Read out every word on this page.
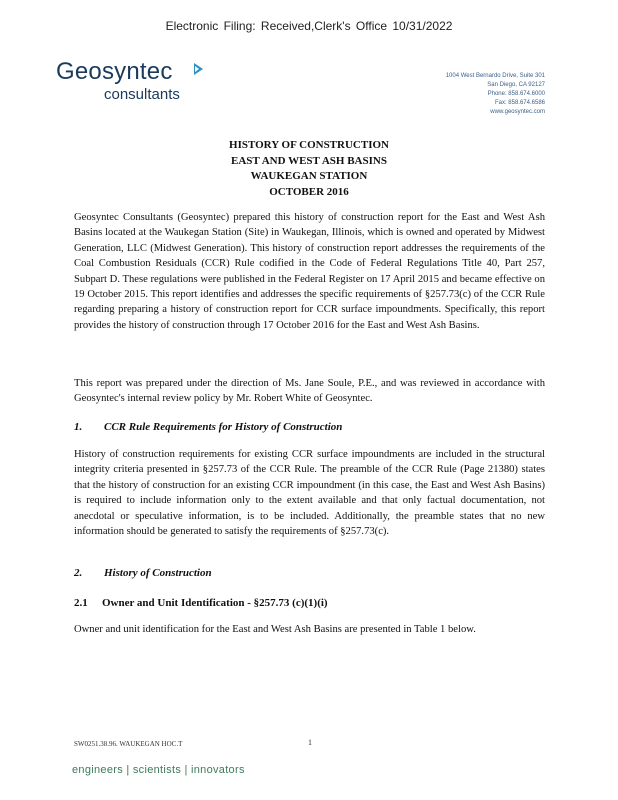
Electronic Filing: Received,Clerk's Office 10/31/2022
Geosyntec
consultants
1004 West Bernardo Drive, Suite 301
San Diego, CA 92127
Phone: 858.674.6000
Fax: 858.674.6586
www.geosyntec.com
HISTORY OF CONSTRUCTION
EAST AND WEST ASH BASINS
WAUKEGAN STATION
OCTOBER 2016

Geosyntec Consultants (Geosyntec) prepared this history of construction report for the East and West Ash Basins located at the Waukegan Station (Site) in Waukegan, Illinois, which is owned and operated by Midwest Generation, LLC (Midwest Generation). This history of construction report addresses the requirements of the Coal Combustion Residuals (CCR) Rule codified in the Code of Federal Regulations Title 40, Part 257, Subpart D. These regulations were published in the Federal Register on 17 April 2015 and became effective on 19 October 2015. This report identifies and addresses the specific requirements of §257.73(c) of the CCR Rule regarding preparing a history of construction report for CCR surface impoundments. Specifically, this report provides the history of construction through 17 October 2016 for the East and West Ash Basins.

This report was prepared under the direction of Ms. Jane Soule, P.E., and was reviewed in accordance with Geosyntec's internal review policy by Mr. Robert White of Geosyntec.

1. CCR Rule Requirements for History of Construction

History of construction requirements for existing CCR surface impoundments are included in the structural integrity criteria presented in §257.73 of the CCR Rule. The preamble of the CCR Rule (Page 21380) states that the history of construction for an existing CCR impoundment (in this case, the East and West Ash Basins) is required to include information only to the extent available and that only factual documentation, not anecdotal or speculative information, is to be included. Additionally, the preamble states that no new information should be generated to satisfy the requirements of §257.73(c).

2. History of Construction
2.1 Owner and Unit Identification - §257.73 (c)(1)(i)

Owner and unit identification for the East and West Ash Basins are presented in Table 1 below.

SW0251.38.96. WAUKEGAN HOC.T	1
engineers | scientists | innovators
